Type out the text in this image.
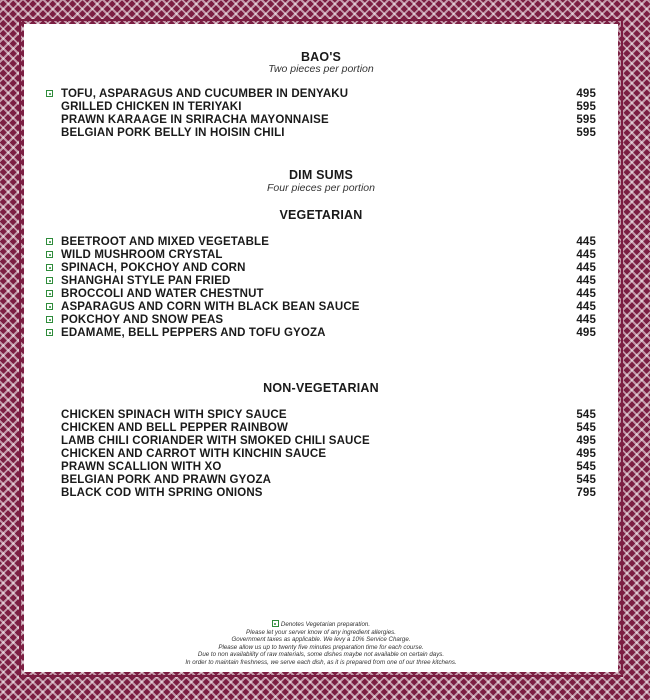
BAO'S
Two pieces per portion
TOFU, ASPARAGUS AND CUCUMBER IN DENYAKU	495
GRILLED CHICKEN IN TERIYAKI	595
PRAWN KARAAGE IN SRIRACHA MAYONNAISE	595
BELGIAN PORK BELLY IN HOISIN CHILI	595
DIM SUMS
Four pieces per portion
VEGETARIAN
BEETROOT AND MIXED VEGETABLE	445
WILD MUSHROOM CRYSTAL	445
SPINACH, POKCHOY AND CORN	445
SHANGHAI STYLE PAN FRIED	445
BROCCOLI AND WATER CHESTNUT	445
ASPARAGUS AND CORN WITH BLACK BEAN SAUCE	445
POKCHOY AND SNOW PEAS	445
EDAMAME, BELL PEPPERS AND TOFU GYOZA	495
NON-VEGETARIAN
CHICKEN SPINACH WITH SPICY SAUCE	545
CHICKEN AND BELL PEPPER RAINBOW	545
LAMB CHILI CORIANDER WITH SMOKED CHILI SAUCE	495
CHICKEN AND CARROT WITH KINCHIN SAUCE	495
PRAWN SCALLION WITH XO	545
BELGIAN PORK AND PRAWN GYOZA	545
BLACK COD WITH SPRING ONIONS	795
Denotes Vegetarian preparation.
Please let your server know of any ingredient allergies.
Government taxes as applicable. We levy a 10% Service Charge.
Please allow us up to twenty five minutes preparation time for each course.
Due to non availability of raw materials, some dishes maybe not available on certain days.
In order to maintain freshness, we serve each dish, as it is prepared from one of our three kitchens.
